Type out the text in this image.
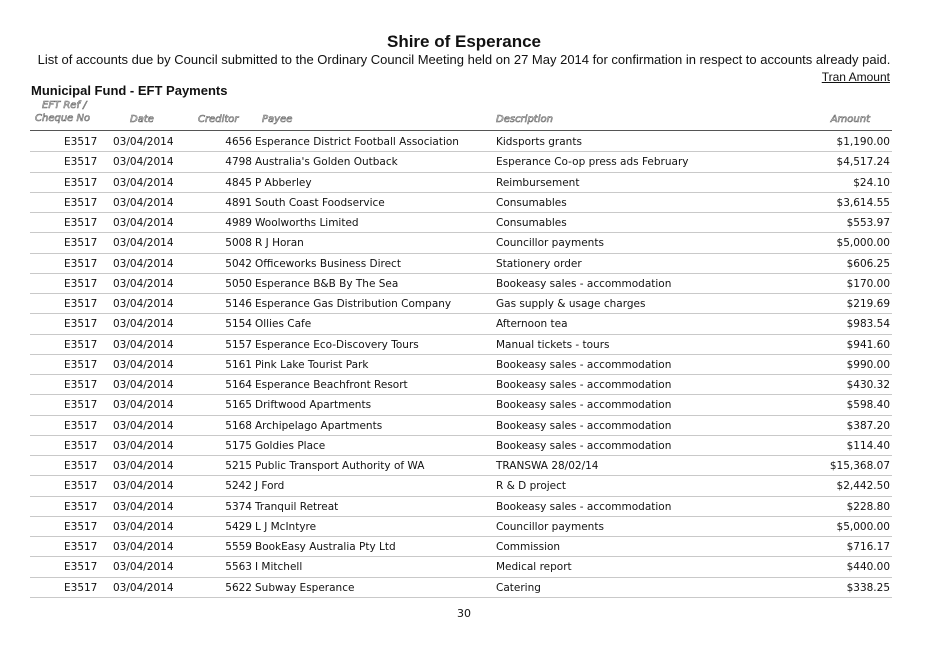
Shire of Esperance
List of accounts due by Council submitted to the Ordinary Council Meeting held on 27 May 2014 for confirmation in respect to accounts already paid.
Tran Amount
Municipal Fund - EFT Payments
EFT Ref /
Cheque No	Date	Creditor Payee	Description	Amount
E3517 03/04/2014	4656 Esperance District Football Association	Kidsports grants	$1,190.00
E3517 03/04/2014	4798 Australia's Golden Outback	Esperance Co-op press ads February	$4,517.24
E3517 03/04/2014	4845 P Abberley	Reimbursement	$24.10
E3517 03/04/2014	4891 South Coast Foodservice	Consumables	$3,614.55
E3517 03/04/2014	4989 Woolworths Limited	Consumables	$553.97
E3517 03/04/2014	5008 R J Horan	Councillor payments	$5,000.00
E3517 03/04/2014	5042 Officeworks Business Direct	Stationery order	$606.25
E3517 03/04/2014	5050 Esperance B&B By The Sea	Bookeasy sales - accommodation	$170.00
E3517 03/04/2014	5146 Esperance Gas Distribution Company	Gas supply & usage charges	$219.69
E3517 03/04/2014	5154 Ollies Cafe	Afternoon tea	$983.54
E3517 03/04/2014	5157 Esperance Eco-Discovery Tours	Manual tickets - tours	$941.60
E3517 03/04/2014	5161 Pink Lake Tourist Park	Bookeasy sales - accommodation	$990.00
E3517 03/04/2014	5164 Esperance Beachfront Resort	Bookeasy sales - accommodation	$430.32
E3517 03/04/2014	5165 Driftwood Apartments	Bookeasy sales - accommodation	$598.40
E3517 03/04/2014	5168 Archipelago Apartments	Bookeasy sales - accommodation	$387.20
E3517 03/04/2014	5175 Goldies Place	Bookeasy sales - accommodation	$114.40
E3517 03/04/2014	5215 Public Transport Authority of WA	TRANSWA 28/02/14	$15,368.07
E3517 03/04/2014	5242 J Ford	R & D project	$2,442.50
E3517 03/04/2014	5374 Tranquil Retreat	Bookeasy sales - accommodation	$228.80
E3517 03/04/2014	5429 L J McIntyre	Councillor payments	$5,000.00
E3517 03/04/2014	5559 BookEasy Australia Pty Ltd	Commission	$716.17
E3517 03/04/2014	5563 I Mitchell	Medical report	$440.00
E3517 03/04/2014	5622 Subway Esperance	Catering	$338.25
30
